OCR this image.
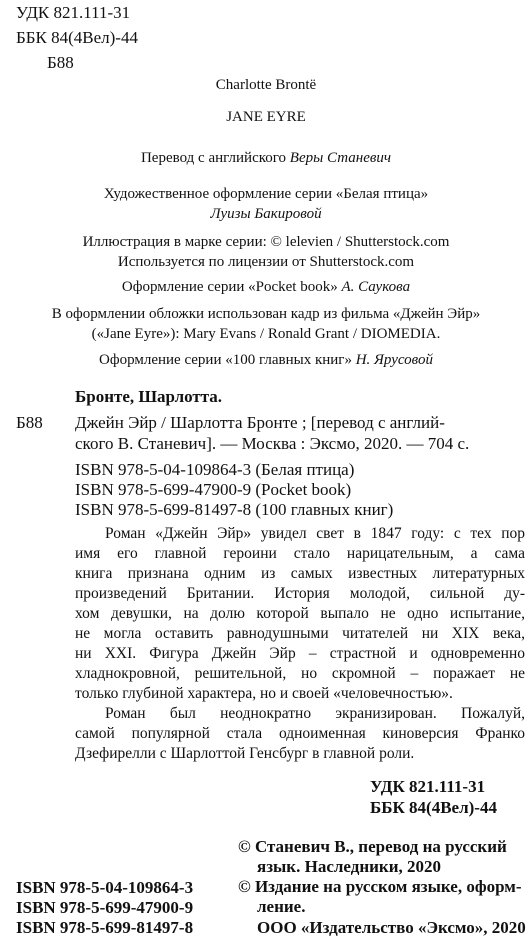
УДК 821.111-31
ББК 84(4Вел)-44
Б88
Charlotte Brontë
JANE EYRE
Перевод с английского Веры Станевич
Художественное оформление серии «Белая птица»
Луизы Бакировой
Иллюстрация в марке серии: © lelevien / Shutterstock.com
Используется по лицензии от Shutterstock.com
Оформление серии «Pocket book» А. Саукова
В оформлении обложки использован кадр из фильма «Джейн Эйр»
(«Jane Eyre»): Mary Evans / Ronald Grant / DIOMEDIA.
Оформление серии «100 главных книг» Н. Ярусовой
Бронте, Шарлотта.
Б88 Джейн Эйр / Шарлотта Бронте ; [перевод с англий-
ского В. Станевич]. — Москва : Эксмо, 2020. — 704 с.
ISBN 978-5-04-109864-3 (Белая птица)
ISBN 978-5-699-47900-9 (Pocket book)
ISBN 978-5-699-81497-8 (100 главных книг)
Роман «Джейн Эйр» увидел свет в 1847 году: с тех пор
имя его главной героини стало нарицательным, а сама
книга признана одним из самых известных литературных
произведений Британии. История молодой, сильной ду-
хом девушки, на долю которой выпало не одно испытание,
не могла оставить равнодушными читателей ни XIX века,
ни XXI. Фигура Джейн Эйр – страстной и одновременно
хладнокровной, решительной, но скромной – поражает не
только глубиной характера, но и своей «человечностью».
Роман был неоднократно экранизирован. Пожалуй,
самой популярной стала одноименная киноверсия Франко
Дзефирелли с Шарлоттой Генсбург в главной роли.
УДК 821.111-31
ББК 84(4Вел)-44
ISBN 978-5-04-109864-3
ISBN 978-5-699-47900-9
ISBN 978-5-699-81497-8
© Станевич В., перевод на русский
язык. Наследники, 2020
© Издание на русском языке, оформ-
ление.
ООО «Издательство «Эксмо», 2020
